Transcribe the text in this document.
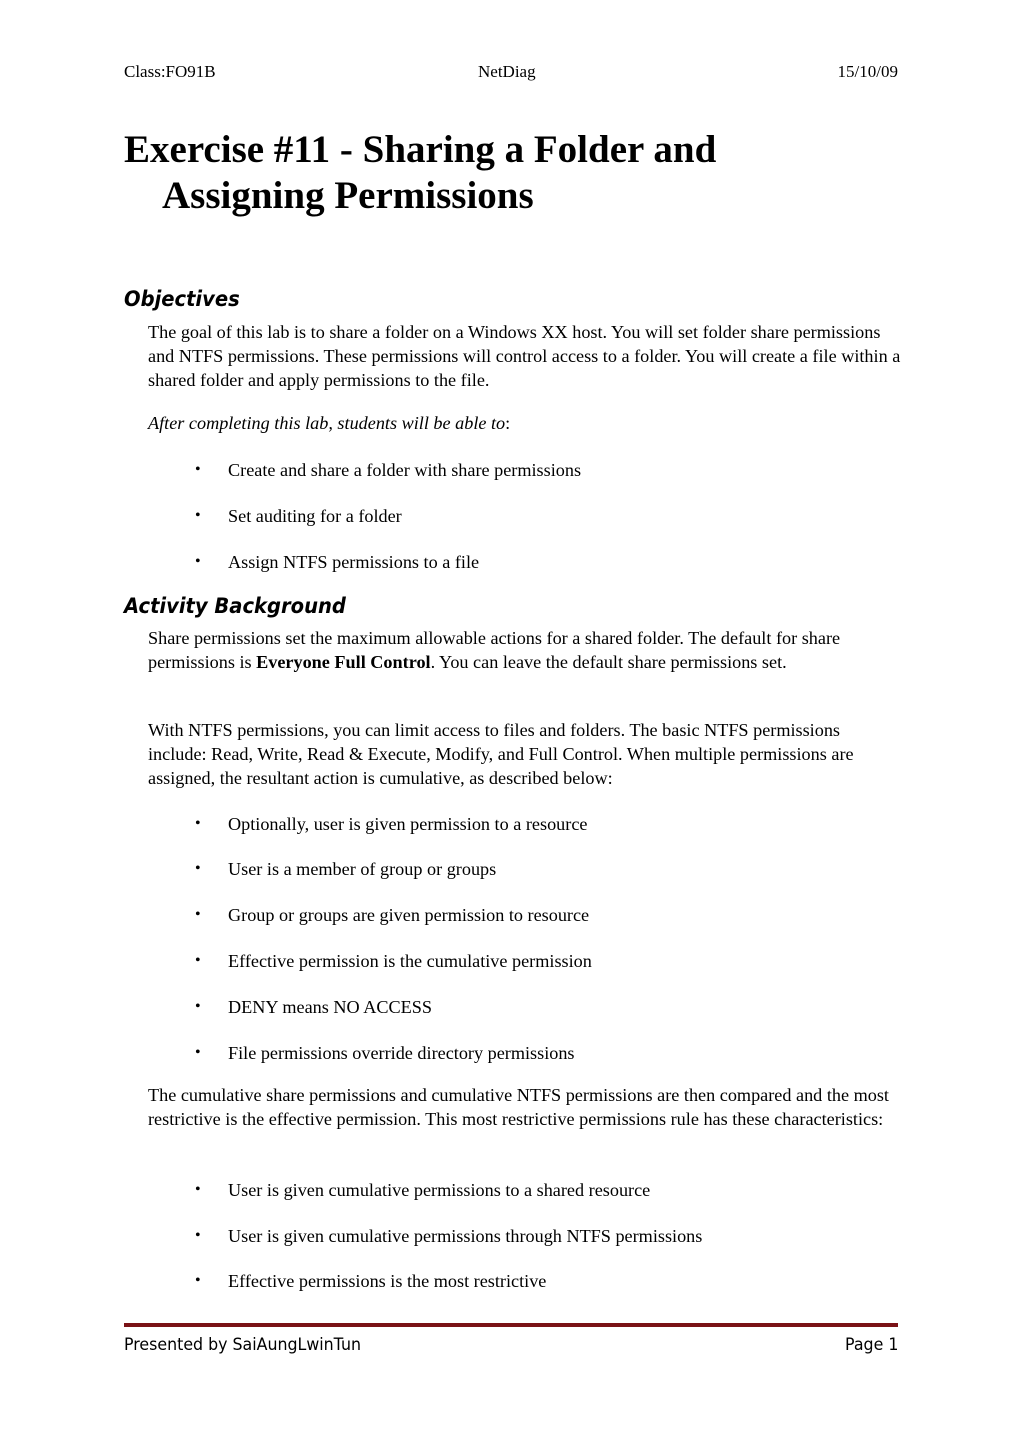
Class:FO91B	NetDiag	15/10/09
Exercise #11 - Sharing a Folder and
Assigning Permissions
Objectives

The goal of this lab is to share a folder on a Windows XX host. You will set folder share permissions and NTFS permissions. These permissions will control access to a folder. You will create a file within a shared folder and apply permissions to the file.

After completing this lab, students will be able to:

• Create and share a folder with share permissions

• Set auditing for a folder

• Assign NTFS permissions to a file

Activity Background

Share permissions set the maximum allowable actions for a shared folder. The default for share permissions is Everyone Full Control. You can leave the default share permissions set.

With NTFS permissions, you can limit access to files and folders. The basic NTFS permissions include: Read, Write, Read & Execute, Modify, and Full Control. When multiple permissions are assigned, the resultant action is cumulative, as described below:

• Optionally, user is given permission to a resource

• User is a member of group or groups

• Group or groups are given permission to resource

• Effective permission is the cumulative permission

• DENY means NO ACCESS

• File permissions override directory permissions

The cumulative share permissions and cumulative NTFS permissions are then compared and the most restrictive is the effective permission. This most restrictive permissions rule has these characteristics:

• User is given cumulative permissions to a shared resource

• User is given cumulative permissions through NTFS permissions

• Effective permissions is the most restrictive

Presented by SaiAungLwinTun	Page 1
